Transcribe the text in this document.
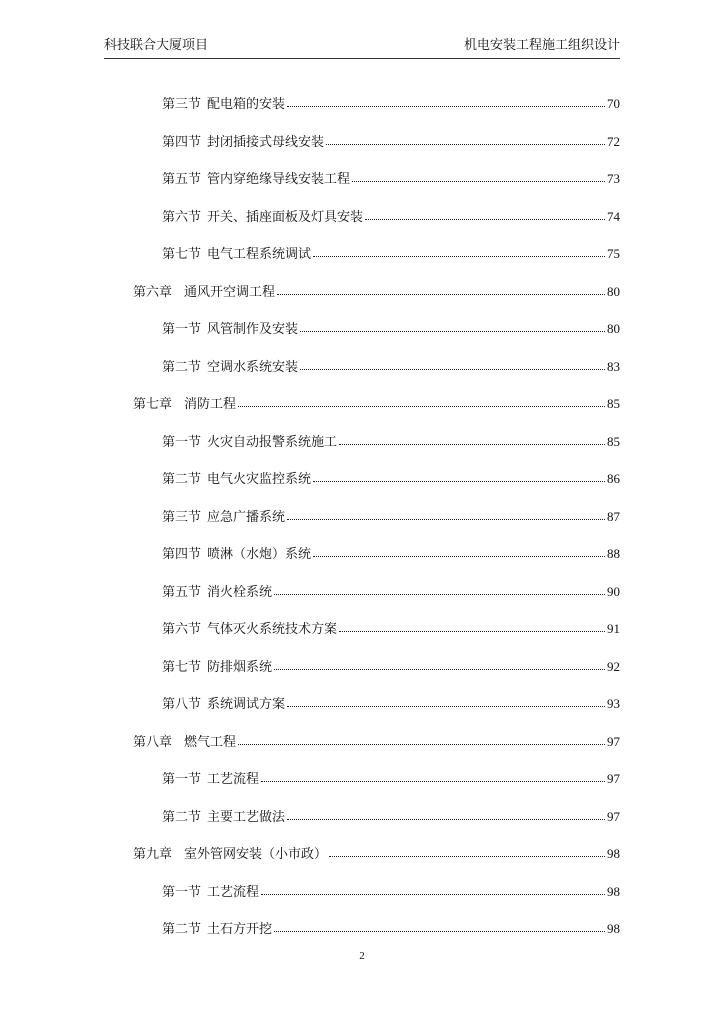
科技联合大厦项目	机电安装工程施工组织设计
第三节 配电箱的安装	70
第四节 封闭插接式母线安装	72
第五节 管内穿绝缘导线安装工程	73
第六节 开关、插座面板及灯具安装	74
第七节 电气工程系统调试	75
第六章 通风开空调工程	80
第一节 风管制作及安装	80
第二节 空调水系统安装	83
第七章 消防工程	85
第一节 火灾自动报警系统施工	85
第二节 电气火灾监控系统	86
第三节 应急广播系统	87
第四节 喷淋（水炮）系统	88
第五节 消火栓系统	90
第六节 气体灭火系统技术方案	91
第七节 防排烟系统	92
第八节 系统调试方案	93
第八章 燃气工程	97
第一节 工艺流程	97
第二节 主要工艺做法	97
第九章 室外管网安装（小市政）	98
第一节 工艺流程	98
第二节 土石方开挖	98
2
